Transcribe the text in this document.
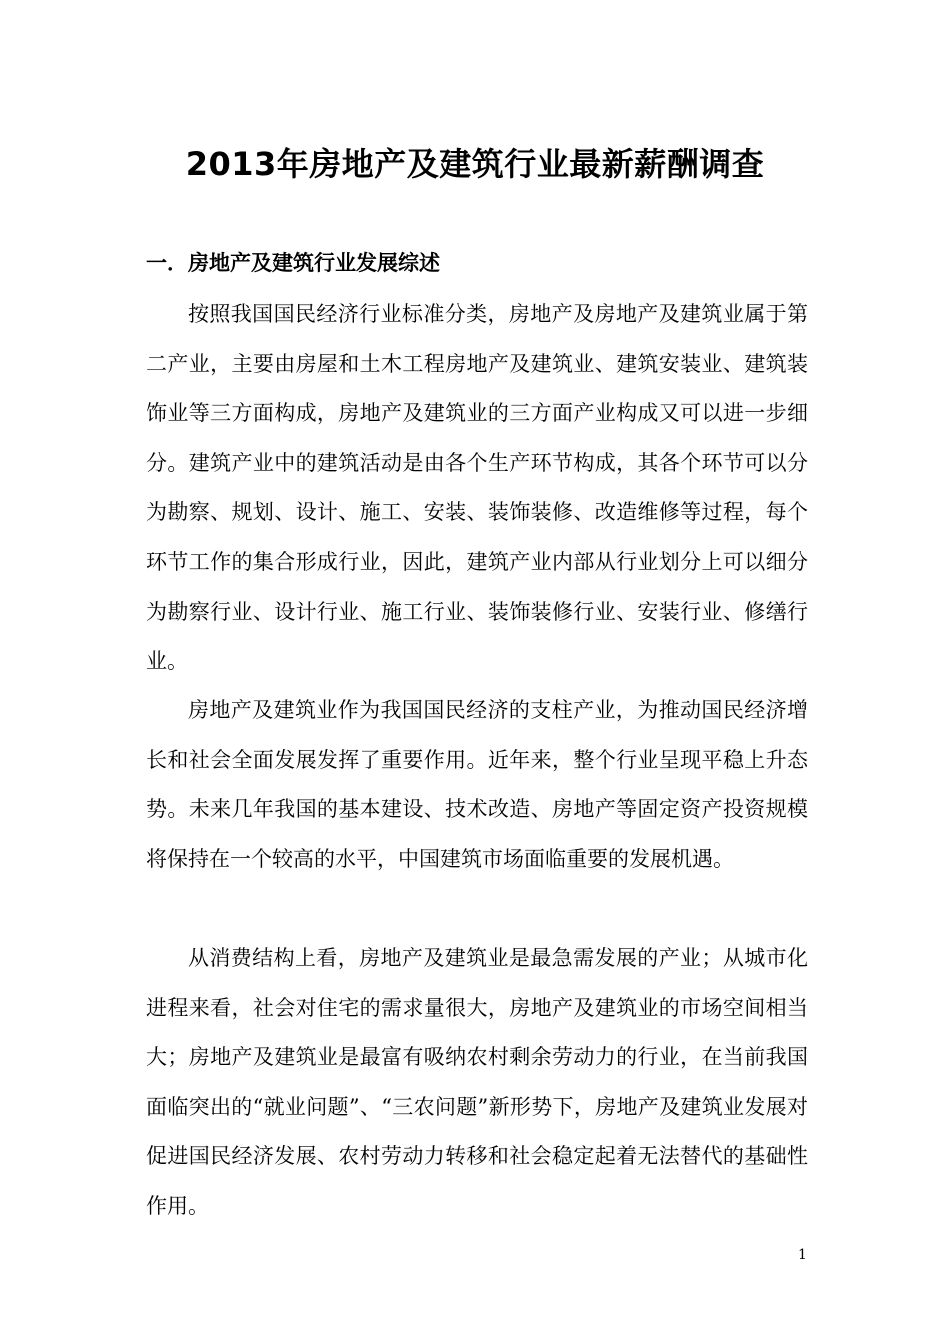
2013年房地产及建筑行业最新薪酬调查
一．房地产及建筑行业发展综述

按照我国国民经济行业标准分类，房地产及房地产及建筑业属于第二产业，主要由房屋和土木工程房地产及建筑业、建筑安装业、建筑装饰业等三方面构成，房地产及建筑业的三方面产业构成又可以进一步细分。建筑产业中的建筑活动是由各个生产环节构成，其各个环节可以分为勘察、规划、设计、施工、安装、装饰装修、改造维修等过程，每个环节工作的集合形成行业，因此，建筑产业内部从行业划分上可以细分为勘察行业、设计行业、施工行业、装饰装修行业、安装行业、修缮行业。

房地产及建筑业作为我国国民经济的支柱产业，为推动国民经济增长和社会全面发展发挥了重要作用。近年来，整个行业呈现平稳上升态势。未来几年我国的基本建设、技术改造、房地产等固定资产投资规模将保持在一个较高的水平，中国建筑市场面临重要的发展机遇。

从消费结构上看，房地产及建筑业是最急需发展的产业；从城市化进程来看，社会对住宅的需求量很大，房地产及建筑业的市场空间相当大；房地产及建筑业是最富有吸纳农村剩余劳动力的行业，在当前我国面临突出的“就业问题”、“三农问题”新形势下，房地产及建筑业发展对促进国民经济发展、农村劳动力转移和社会稳定起着无法替代的基础性作用。

1
